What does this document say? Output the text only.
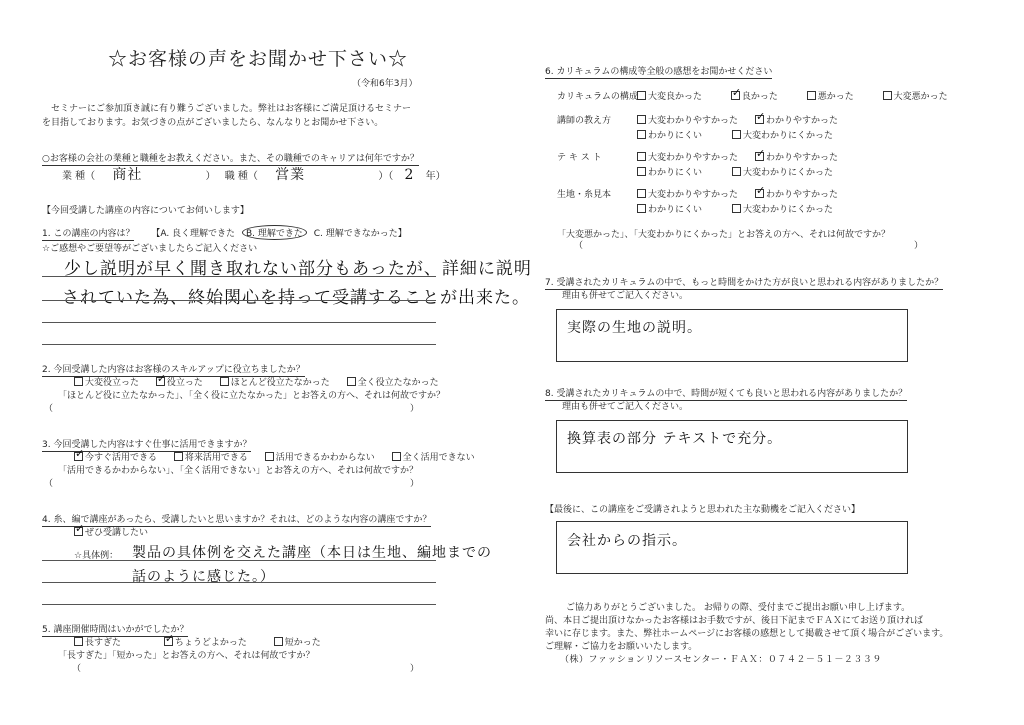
☆お客様の声をお聞かせ下さい☆
（令和6年3月）
　セミナーにご参加頂き誠に有り難うございました。弊社はお客様にご満足頂けるセミナー
を目指しております。お気づきの点がございましたら、なんなりとお聞かせ下さい。
○お客様の会社の業種と職種をお教えください。また、その職種でのキャリアは何年ですか？
業 種（ 商社	） 職 種（ 営業	）（ 2 年）
【今回受講した講座の内容についてお伺いします】
1. この講座の内容は？ 【A. 良く理解できた B. 理解できた C. 理解できなかった】
☆ご感想やご要望等がございましたらご記入ください
少し説明が早く聞き取れない部分もあったが、詳細に説明
されていた為、終始関心を持って受講することが出来た。
2. 今回受講した内容はお客様のスキルアップに役立ちましたか？
大変役立った ✓	役立った	ほとんど役立たなかった	全く役立たなかった
「ほとんど役に立たなかった」、「全く役に立たなかった」とお答えの方へ、それは何故ですか？
（	）
3. 今回受講した内容はすぐ仕事に活用できますか？
✓今すぐ活用できる	将来活用できる	活用できるかわからない	全く活用できない
「活用できるかわからない」、「全く活用できない」とお答えの方へ、それは何故ですか？
（	）
4. 糸、編で講座があったら、受講したいと思いますか？それは、どのような内容の講座ですか？
✓ぜひ受講したい
☆具体例： 製品の具体例を交えた講座（本日は生地、編地までの
話のように感じた。）
5. 講座開催時間はいかがでしたか？
長すぎた ✓	ちょうどよかった	短かった
「長すぎた」「短かった」とお答えの方へ、それは何故ですか？
（	）
6. カリキュラムの構成等全般の感想をお聞かせください
カリキュラムの構成	大変良かった ✓	良かった	悪かった	大変悪かった
講師の教え方	大変わかりやすかった ✓	わかりやすかった
わかりにくい	大変わかりにくかった
テ キ ス ト	大変わかりやすかった ✓	わかりやすかった
わかりにくい	大変わかりにくかった
生地・糸見本	大変わかりやすかった ✓	わかりやすかった
わかりにくい	大変わかりにくかった
「大変悪かった」、「大変わかりにくかった」とお答えの方へ、それは何故ですか？
（	）
7. 受講されたカリキュラムの中で、もっと時間をかけた方が良いと思われる内容がありましたか？
理由も併せてご記入ください。
実際の生地の説明。
8. 受講されたカリキュラムの中で、時間が短くても良いと思われる内容がありましたか？
理由も併せてご記入ください。
換算表の部分 テキストで充分。
【最後に、この講座をご受講されようと思われた主な動機をご記入ください】
会社からの指示。
ご協力ありがとうございました。 お帰りの際、受付までご提出お願い申し上げます。
尚、本日ご提出頂けなかったお客様はお手数ですが、後日下記までＦＡＸにてお送り頂ければ
幸いに存じます。また、弊社ホームページにお客様の感想として掲載させて頂く場合がございます。
ご理解・ご協力をお願いいたします。
（株）ファッションリソースセンター・ＦＡＸ：０７４２－５１－２３３９
